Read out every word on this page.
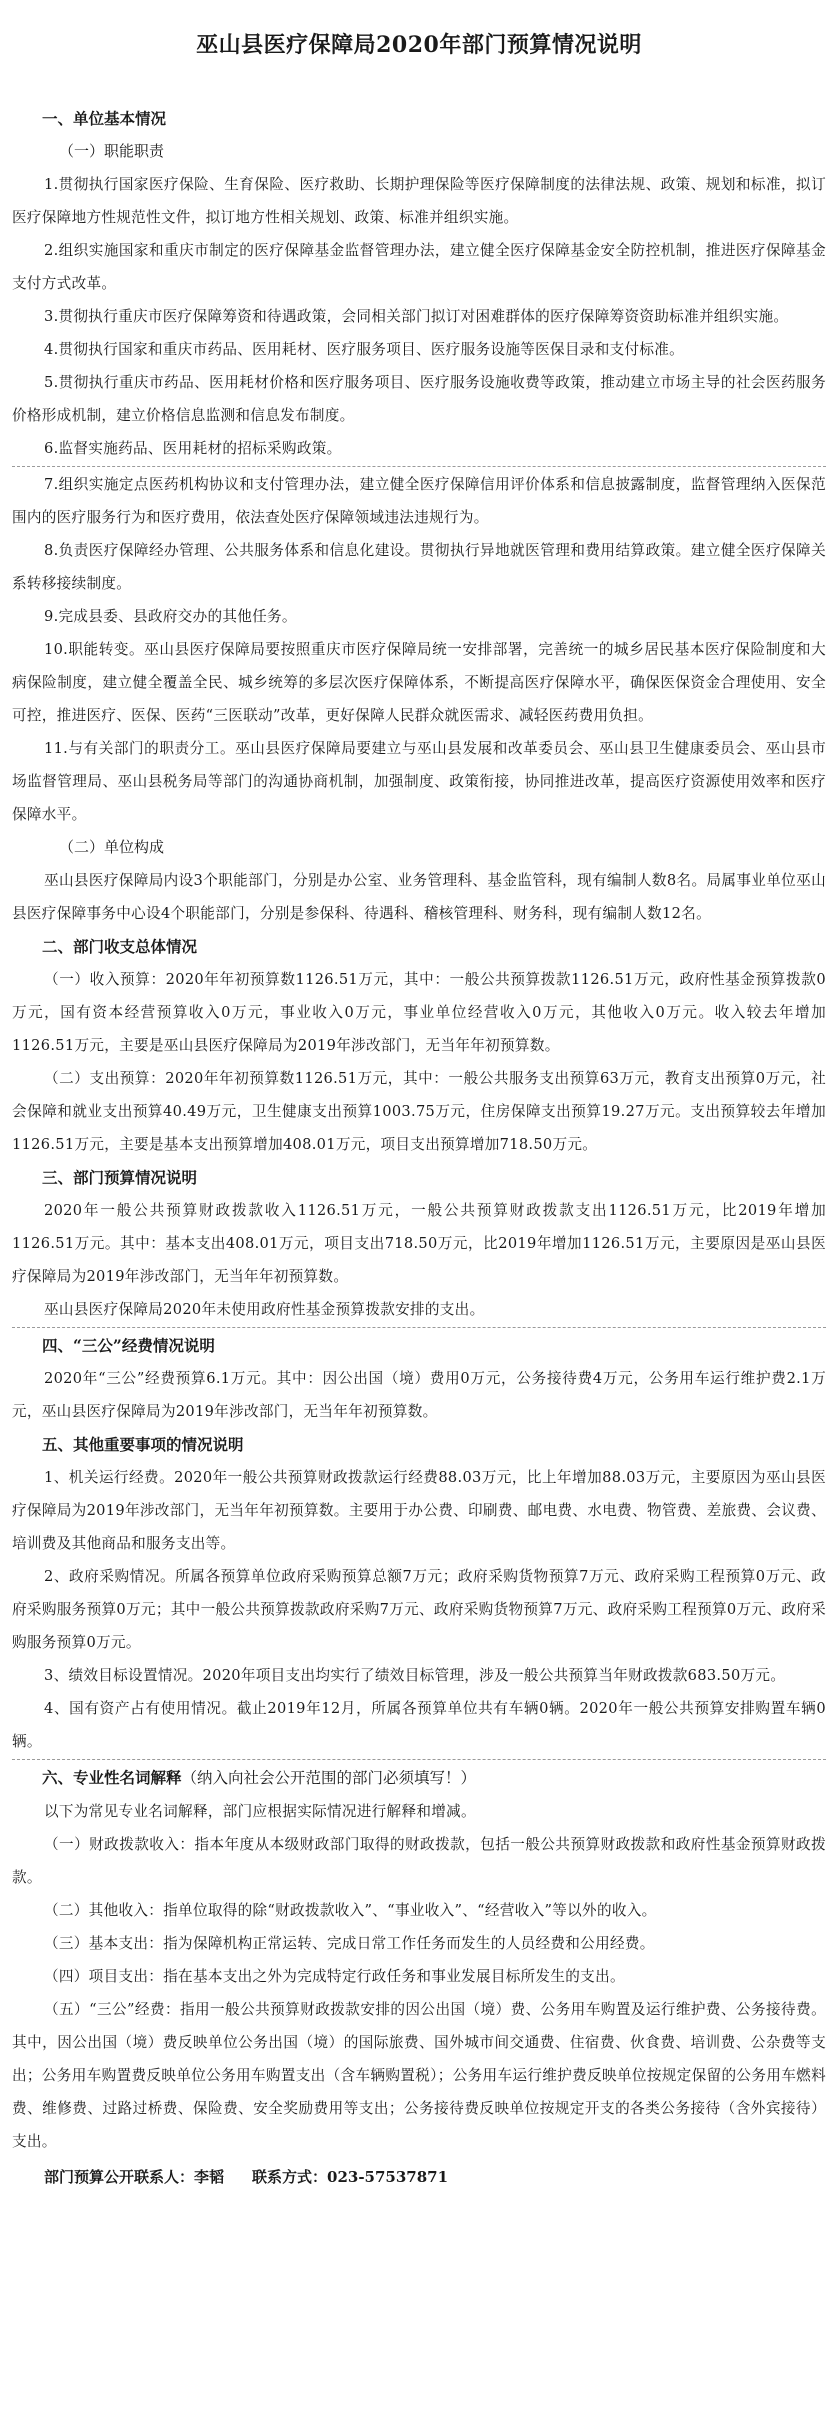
巫山县医疗保障局2020年部门预算情况说明
一、单位基本情况
（一）职能职责
1.贯彻执行国家医疗保险、生育保险、医疗救助、长期护理保险等医疗保障制度的法律法规、政策、规划和标准，拟订医疗保障地方性规范性文件，拟订地方性相关规划、政策、标准并组织实施。
2.组织实施国家和重庆市制定的医疗保障基金监督管理办法，建立健全医疗保障基金安全防控机制，推进医疗保障基金支付方式改革。
3.贯彻执行重庆市医疗保障筹资和待遇政策，会同相关部门拟订对困难群体的医疗保障筹资资助标准并组织实施。
4.贯彻执行国家和重庆市药品、医用耗材、医疗服务项目、医疗服务设施等医保目录和支付标准。
5.贯彻执行重庆市药品、医用耗材价格和医疗服务项目、医疗服务设施收费等政策，推动建立市场主导的社会医药服务价格形成机制，建立价格信息监测和信息发布制度。
6.监督实施药品、医用耗材的招标采购政策。
7.组织实施定点医药机构协议和支付管理办法，建立健全医疗保障信用评价体系和信息披露制度，监督管理纳入医保范围内的医疗服务行为和医疗费用，依法查处医疗保障领域违法违规行为。
8.负责医疗保障经办管理、公共服务体系和信息化建设。贯彻执行异地就医管理和费用结算政策。建立健全医疗保障关系转移接续制度。
9.完成县委、县政府交办的其他任务。
10.职能转变。巫山县医疗保障局要按照重庆市医疗保障局统一安排部署，完善统一的城乡居民基本医疗保险制度和大病保险制度，建立健全覆盖全民、城乡统筹的多层次医疗保障体系，不断提高医疗保障水平，确保医保资金合理使用、安全可控，推进医疗、医保、医药“三医联动”改革，更好保障人民群众就医需求、减轻医药费用负担。
11.与有关部门的职责分工。巫山县医疗保障局要建立与巫山县发展和改革委员会、巫山县卫生健康委员会、巫山县市场监督管理局、巫山县税务局等部门的沟通协商机制，加强制度、政策衔接，协同推进改革，提高医疗资源使用效率和医疗保障水平。
（二）单位构成
巫山县医疗保障局内设3个职能部门，分别是办公室、业务管理科、基金监管科，现有编制人数8名。局属事业单位巫山县医疗保障事务中心设4个职能部门，分别是参保科、待遇科、稽核管理科、财务科，现有编制人数12名。
二、部门收支总体情况
（一）收入预算：2020年年初预算数1126.51万元，其中：一般公共预算拨款1126.51万元，政府性基金预算拨款0万元，国有资本经营预算收入0万元，事业收入0万元，事业单位经营收入0万元，其他收入0万元。收入较去年增加1126.51万元，主要是巫山县医疗保障局为2019年涉改部门，无当年年初预算数。
（二）支出预算：2020年年初预算数1126.51万元，其中：一般公共服务支出预算63万元，教育支出预算0万元，社会保障和就业支出预算40.49万元，卫生健康支出预算1003.75万元，住房保障支出预算19.27万元。支出预算较去年增加1126.51万元，主要是基本支出预算增加408.01万元，项目支出预算增加718.50万元。
三、部门预算情况说明
2020年一般公共预算财政拨款收入1126.51万元，一般公共预算财政拨款支出1126.51万元，比2019年增加1126.51万元。其中：基本支出408.01万元，项目支出718.50万元，比2019年增加1126.51万元，主要原因是巫山县医疗保障局为2019年涉改部门，无当年年初预算数。
巫山县医疗保障局2020年未使用政府性基金预算拨款安排的支出。
四、“三公”经费情况说明
2020年“三公”经费预算6.1万元。其中：因公出国（境）费用0万元，公务接待费4万元，公务用车运行维护费2.1万元，巫山县医疗保障局为2019年涉改部门，无当年年初预算数。
五、其他重要事项的情况说明
1、机关运行经费。2020年一般公共预算财政拨款运行经费88.03万元，比上年增加88.03万元，主要原因为巫山县医疗保障局为2019年涉改部门，无当年年初预算数。主要用于办公费、印刷费、邮电费、水电费、物管费、差旅费、会议费、培训费及其他商品和服务支出等。
2、政府采购情况。所属各预算单位政府采购预算总额7万元；政府采购货物预算7万元、政府采购工程预算0万元、政府采购服务预算0万元；其中一般公共预算拨款政府采购7万元、政府采购货物预算7万元、政府采购工程预算0万元、政府采购服务预算0万元。
3、绩效目标设置情况。2020年项目支出均实行了绩效目标管理，涉及一般公共预算当年财政拨款683.50万元。
4、国有资产占有使用情况。截止2019年12月，所属各预算单位共有车辆0辆。2020年一般公共预算安排购置车辆0辆。
六、专业性名词解释（纳入向社会公开范围的部门必须填写！）
以下为常见专业名词解释，部门应根据实际情况进行解释和增减。
（一）财政拨款收入：指本年度从本级财政部门取得的财政拨款，包括一般公共预算财政拨款和政府性基金预算财政拨款。
（二）其他收入：指单位取得的除“财政拨款收入”、“事业收入”、“经营收入”等以外的收入。
（三）基本支出：指为保障机构正常运转、完成日常工作任务而发生的人员经费和公用经费。
（四）项目支出：指在基本支出之外为完成特定行政任务和事业发展目标所发生的支出。
（五）“三公”经费：指用一般公共预算财政拨款安排的因公出国（境）费、公务用车购置及运行维护费、公务接待费。其中，因公出国（境）费反映单位公务出国（境）的国际旅费、国外城市间交通费、住宿费、伙食费、培训费、公杂费等支出；公务用车购置费反映单位公务用车购置支出（含车辆购置税）；公务用车运行维护费反映单位按规定保留的公务用车燃料费、维修费、过路过桥费、保险费、安全奖励费用等支出；公务接待费反映单位按规定开支的各类公务接待（含外宾接待）支出。
部门预算公开联系人：李韬 联系方式：023-57537871
